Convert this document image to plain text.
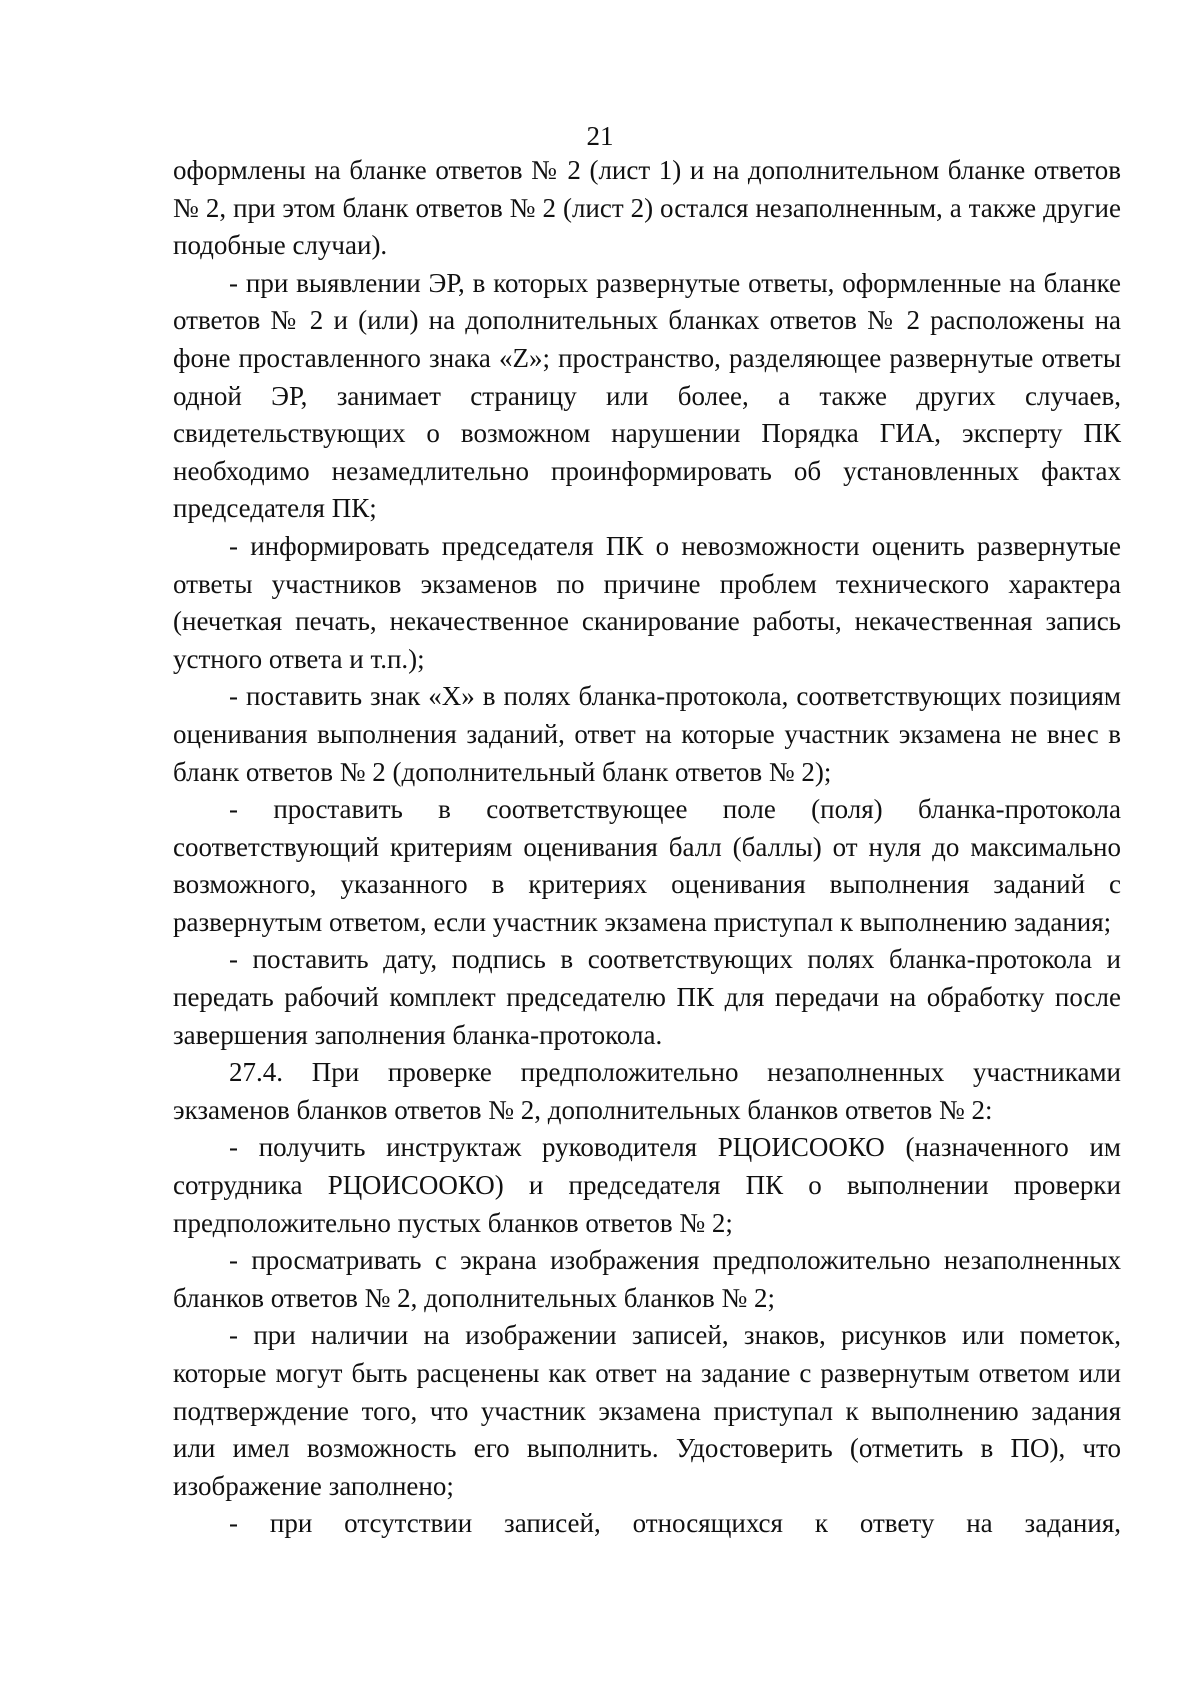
21

оформлены на бланке ответов № 2 (лист 1) и на дополнительном бланке ответов № 2, при этом бланк ответов № 2 (лист 2) остался незаполненным, а также другие подобные случаи).

- при выявлении ЭР, в которых развернутые ответы, оформленные на бланке ответов № 2 и (или) на дополнительных бланках ответов № 2 расположены на фоне проставленного знака «Z»; пространство, разделяющее развернутые ответы одной ЭР, занимает страницу или более, а также других случаев, свидетельствующих о возможном нарушении Порядка ГИА, эксперту ПК необходимо незамедлительно проинформировать об установленных фактах председателя ПК;

- информировать председателя ПК о невозможности оценить развернутые ответы участников экзаменов по причине проблем технического характера (нечеткая печать, некачественное сканирование работы, некачественная запись устного ответа и т.п.);

- поставить знак «Х» в полях бланка-протокола, соответствующих позициям оценивания выполнения заданий, ответ на которые участник экзамена не внес в бланк ответов № 2 (дополнительный бланк ответов № 2);

- проставить в соответствующее поле (поля) бланка-протокола соответствующий критериям оценивания балл (баллы) от нуля до максимально возможного, указанного в критериях оценивания выполнения заданий с развернутым ответом, если участник экзамена приступал к выполнению задания;

- поставить дату, подпись в соответствующих полях бланка-протокола и передать рабочий комплект председателю ПК для передачи на обработку после завершения заполнения бланка-протокола.

27.4. При проверке предположительно незаполненных участниками экзаменов бланков ответов № 2, дополнительных бланков ответов № 2:

- получить инструктаж руководителя РЦОИСООКО (назначенного им сотрудника РЦОИСООКО) и председателя ПК о выполнении проверки предположительно пустых бланков ответов № 2;

- просматривать с экрана изображения предположительно незаполненных бланков ответов № 2, дополнительных бланков № 2;

- при наличии на изображении записей, знаков, рисунков или пометок, которые могут быть расценены как ответ на задание с развернутым ответом или подтверждение того, что участник экзамена приступал к выполнению задания или имел возможность его выполнить. Удостоверить (отметить в ПО), что изображение заполнено;

- при отсутствии записей, относящихся к ответу на задания,
